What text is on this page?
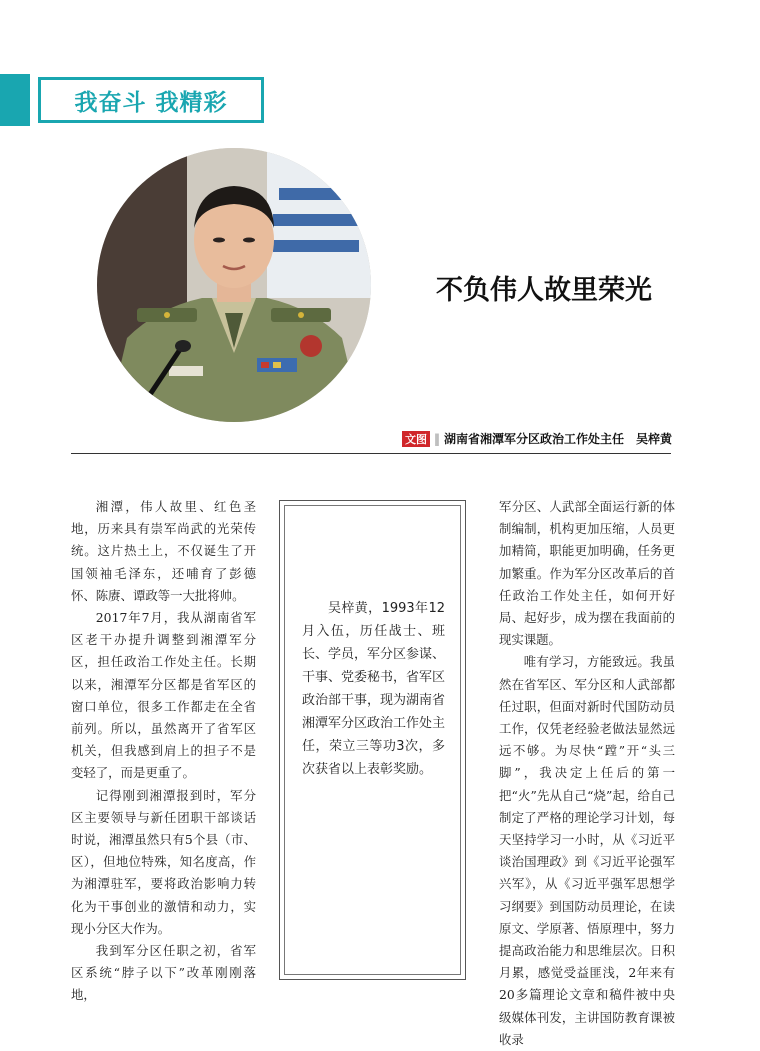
我奋斗 我精彩
不负伟人故里荣光
文图 ‖ 湖南省湘潭军分区政治工作处主任　吴梓黄

湘潭，伟人故里、红色圣地，历来具有崇军尚武的光荣传统。这片热土上，不仅诞生了开国领袖毛泽东，还哺育了彭德怀、陈赓、谭政等一大批将帅。

2017年7月，我从湖南省军区老干办提升调整到湘潭军分区，担任政治工作处主任。长期以来，湘潭军分区都是省军区的窗口单位，很多工作都走在全省前列。所以，虽然离开了省军区机关，但我感到肩上的担子不是变轻了，而是更重了。

记得刚到湘潭报到时，军分区主要领导与新任团职干部谈话时说，湘潭虽然只有5个县（市、区），但地位特殊，知名度高，作为湘潭驻军，要将政治影响力转化为干事创业的激情和动力，实现小分区大作为。

我到军分区任职之初，省军区系统“脖子以下”改革刚刚落地，

吴梓黄，1993年12月入伍，历任战士、班长、学员，军分区参谋、干事、党委秘书，省军区政治部干事，现为湖南省湘潭军分区政治工作处主任，荣立三等功3次，多次获省以上表彰奖励。

军分区、人武部全面运行新的体制编制，机构更加压缩，人员更加精简，职能更加明确，任务更加繁重。作为军分区改革后的首任政治工作处主任，如何开好局、起好步，成为摆在我面前的现实课题。

唯有学习，方能致远。我虽然在省军区、军分区和人武部都任过职，但面对新时代国防动员工作，仅凭老经验老做法显然远远不够。为尽快“蹚”开“头三脚”，我决定上任后的第一把“火”先从自己“烧”起，给自己制定了严格的理论学习计划，每天坚持学习一小时，从《习近平谈治国理政》到《习近平论强军兴军》，从《习近平强军思想学习纲要》到国防动员理论，在读原文、学原著、悟原理中，努力提高政治能力和思维层次。日积月累，感觉受益匪浅，2年来有20多篇理论文章和稿件被中央级媒体刊发，主讲国防教育课被收录
